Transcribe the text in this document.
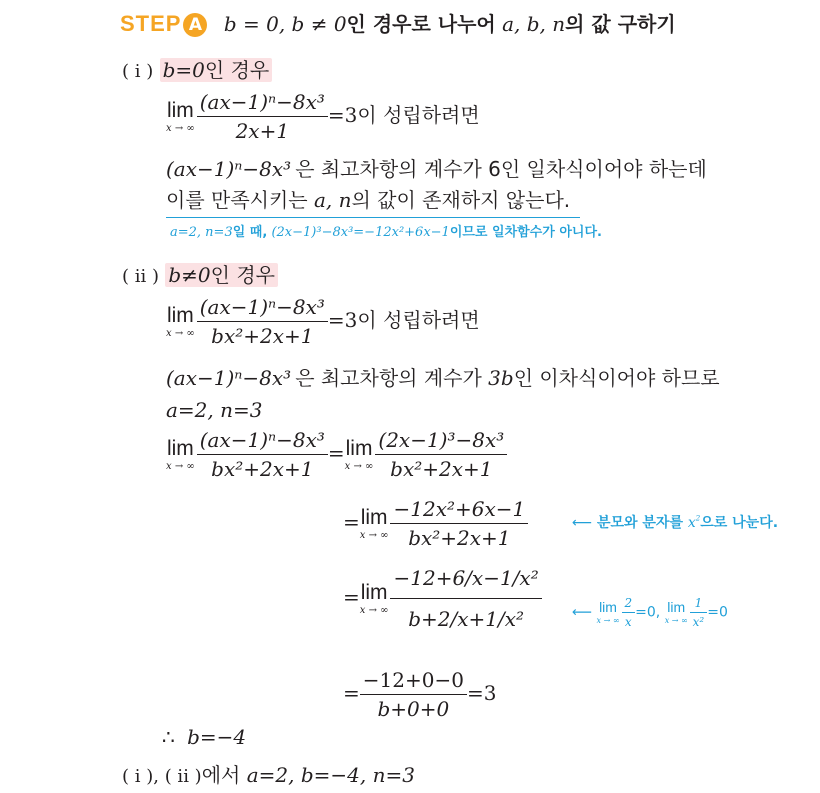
STEP A b = 0, b ≠ 0인 경우로 나누어 a, b, n의 값 구하기
( i ) b=0인 경우
lim
x → ∞ $\frac{\text{(ax−1)ⁿ−8x³}}{2x+1} =3$이 성립하려면
(ax−1)ⁿ−8x³ 은 최고차항의 계수가 6인 일차식이어야 하는데
이를 만족시키는 a, n의 값이 존재하지 않는다.
a=2, n=3일 때, (2x−1)³−8x³=−12x²+6x−1이므로 일차함수가 아니다.
( ii ) b≠0인 경우
lim
x → ∞ $\frac{\text{(ax−1)ⁿ−8x³}}{\text{bx²+2x+1}} =3$이 성립하려면
(ax−1)ⁿ−8x³ 은 최고차항의 계수가 3b인 이차식이어야 하므로
a=2, n=3
lim
x → ∞ $\frac{\text{(ax−1)ⁿ−8x³}}{\text{bx²+2x+1}} = \lim$
x → ∞ $\frac{\text{(2x−1)³−8x³}}{\text{bx²+2x+1}}$
= lim
x → ∞ $\frac{\text{−12x²+6x−1}}{\text{bx²+2x+1}}$	⟵ 분모와 분자를 $x^2$으로 나눈다.
= lim
x → ∞ $\frac{\text{−12+6/x−1/x²}}{\text{b+2/x+1/x²}}$ ⟵ lim
x → ∞ $\frac{2}{x} =0$, lim
x → ∞ $\frac{1}{\text{x²}} =0$
= $\frac{-12+0-0}{b+0+0} =3$
∴ b=−4
( i ), ( ii )에서 a=2, b=−4, n=3
